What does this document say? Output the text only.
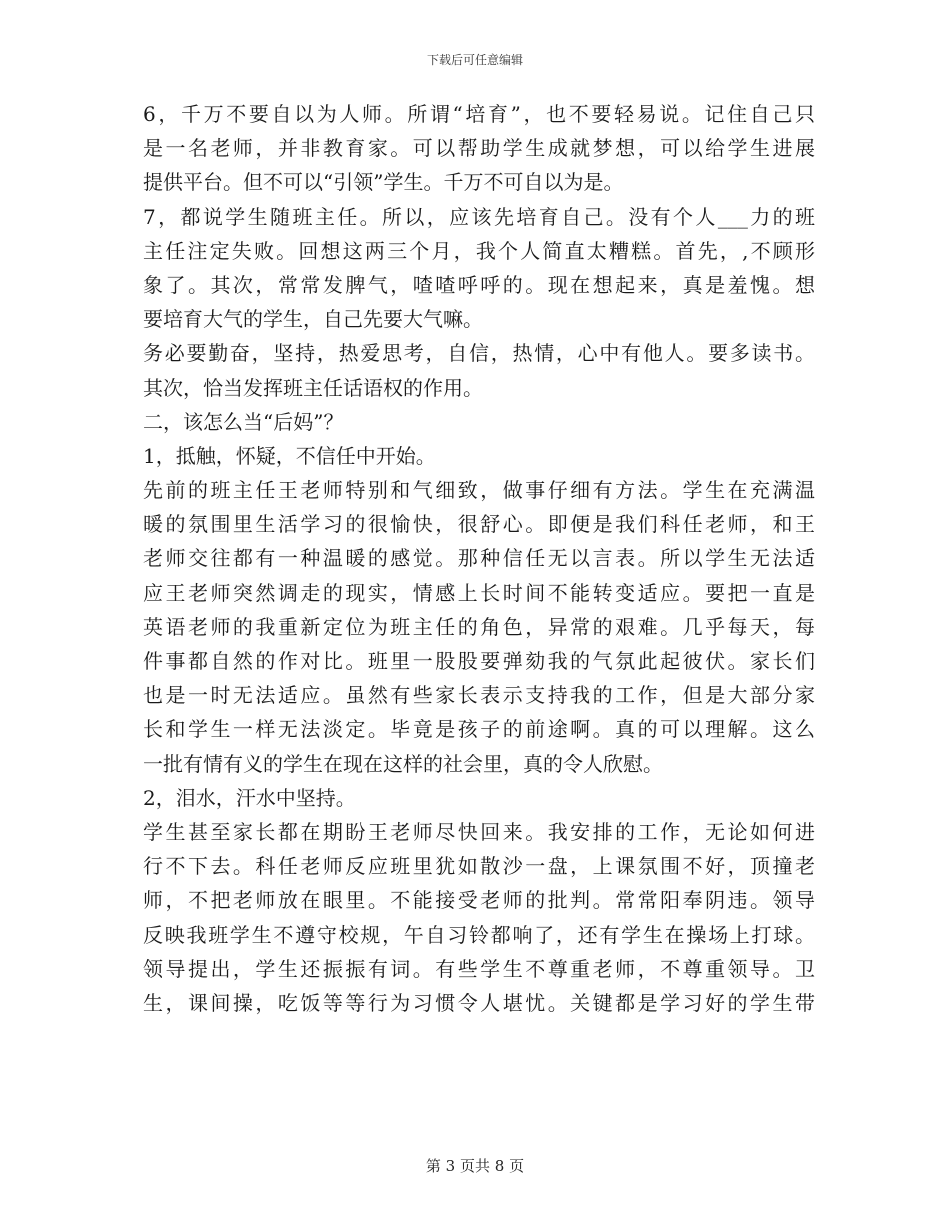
下载后可任意编辑
6，千万不要自以为人师。所谓“培育”，也不要轻易说。记住自己只
是一名老师，并非教育家。可以帮助学生成就梦想，可以给学生进展
提供平台。但不可以“引领”学生。千万不可自以为是。
7，都说学生随班主任。所以，应该先培育自己。没有个人___力的班
主任注定失败。回想这两三个月，我个人简直太糟糕。首先，,不顾形
象了。其次，常常发脾气，喳喳呼呼的。现在想起来，真是羞愧。想
要培育大气的学生，自己先要大气嘛。
务必要勤奋，坚持，热爱思考，自信，热情，心中有他人。要多读书。
其次，恰当发挥班主任话语权的作用。
二，该怎么当“后妈”？
1，抵触，怀疑，不信任中开始。
先前的班主任王老师特别和气细致，做事仔细有方法。学生在充满温
暖的氛围里生活学习的很愉快，很舒心。即便是我们科任老师，和王
老师交往都有一种温暖的感觉。那种信任无以言表。所以学生无法适
应王老师突然调走的现实，情感上长时间不能转变适应。要把一直是
英语老师的我重新定位为班主任的角色，异常的艰难。几乎每天，每
件事都自然的作对比。班里一股股要弹劾我的气氛此起彼伏。家长们
也是一时无法适应。虽然有些家长表示支持我的工作，但是大部分家
长和学生一样无法淡定。毕竟是孩子的前途啊。真的可以理解。这么
一批有情有义的学生在现在这样的社会里，真的令人欣慰。
2，泪水，汗水中坚持。
学生甚至家长都在期盼王老师尽快回来。我安排的工作，无论如何进
行不下去。科任老师反应班里犹如散沙一盘，上课氛围不好，顶撞老
师，不把老师放在眼里。不能接受老师的批判。常常阳奉阴违。领导
反映我班学生不遵守校规，午自习铃都响了，还有学生在操场上打球。
领导提出，学生还振振有词。有些学生不尊重老师，不尊重领导。卫
生，课间操，吃饭等等行为习惯令人堪忧。关键都是学习好的学生带
第 3 页共 8 页
